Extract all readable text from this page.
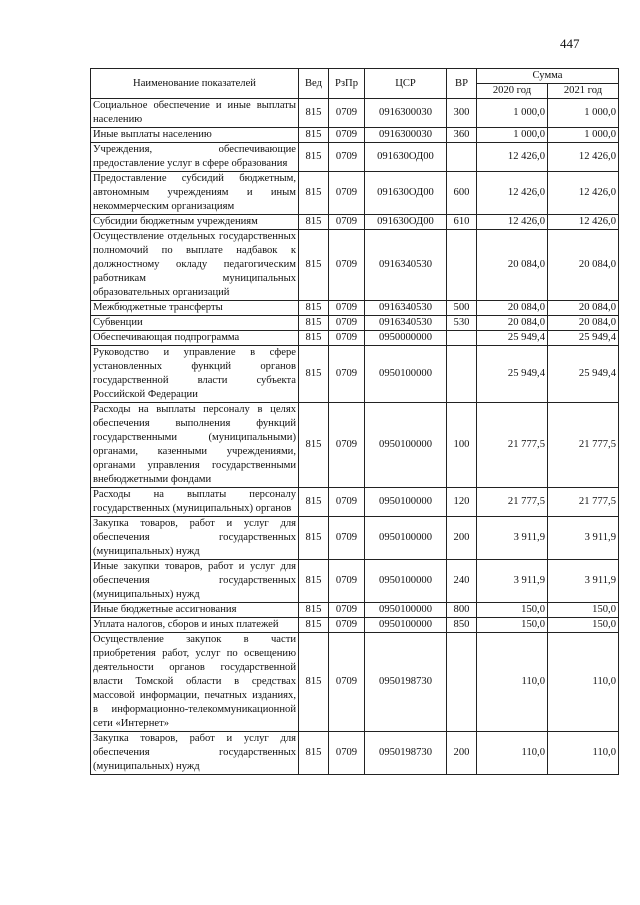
447
Наименование показателей	Вед	РзПр	ЦСР	ВР	Сумма	
					2020 год	2021 год
Социальное обеспечение и иные выплаты населению	815	0709	0916300030	300	1 000,0	1 000,0
Иные выплаты населению	815	0709	0916300030	360	1 000,0	1 000,0
Учреждения, обеспечивающие предоставление услуг в сфере образования	815	0709	091630ОД00		12 426,0	12 426,0
Предоставление субсидий бюджетным, автономным учреждениям и иным некоммерческим организациям	815	0709	091630ОД00	600	12 426,0	12 426,0
Субсидии бюджетным учреждениям	815	0709	091630ОД00	610	12 426,0	12 426,0
Осуществление отдельных государственных полномочий по выплате надбавок к должностному окладу педагогическим работникам муниципальных образовательных организаций	815	0709	0916340530		20 084,0	20 084,0
Межбюджетные трансферты	815	0709	0916340530	500	20 084,0	20 084,0
Субвенции	815	0709	0916340530	530	20 084,0	20 084,0
Обеспечивающая подпрограмма	815	0709	0950000000		25 949,4	25 949,4
Руководство и управление в сфере установленных функций органов государственной власти субъекта Российской Федерации	815	0709	0950100000		25 949,4	25 949,4
Расходы на выплаты персоналу в целях обеспечения выполнения функций государственными (муниципальными) органами, казенными учреждениями, органами управления государственными внебюджетными фондами	815	0709	0950100000	100	21 777,5	21 777,5
Расходы на выплаты персоналу государственных (муниципальных) органов	815	0709	0950100000	120	21 777,5	21 777,5
Закупка товаров, работ и услуг для обеспечения государственных (муниципальных) нужд	815	0709	0950100000	200	3 911,9	3 911,9
Иные закупки товаров, работ и услуг для обеспечения государственных (муниципальных) нужд	815	0709	0950100000	240	3 911,9	3 911,9
Иные бюджетные ассигнования	815	0709	0950100000	800	150,0	150,0
Уплата налогов, сборов и иных платежей	815	0709	0950100000	850	150,0	150,0
Осуществление закупок в части приобретения работ, услуг по освещению деятельности органов государственной власти Томской области в средствах массовой информации, печатных изданиях, в информационно-телекоммуникационной сети «Интернет»	815	0709	0950198730		110,0	110,0
Закупка товаров, работ и услуг для обеспечения государственных (муниципальных) нужд	815	0709	0950198730	200	110,0	110,0
